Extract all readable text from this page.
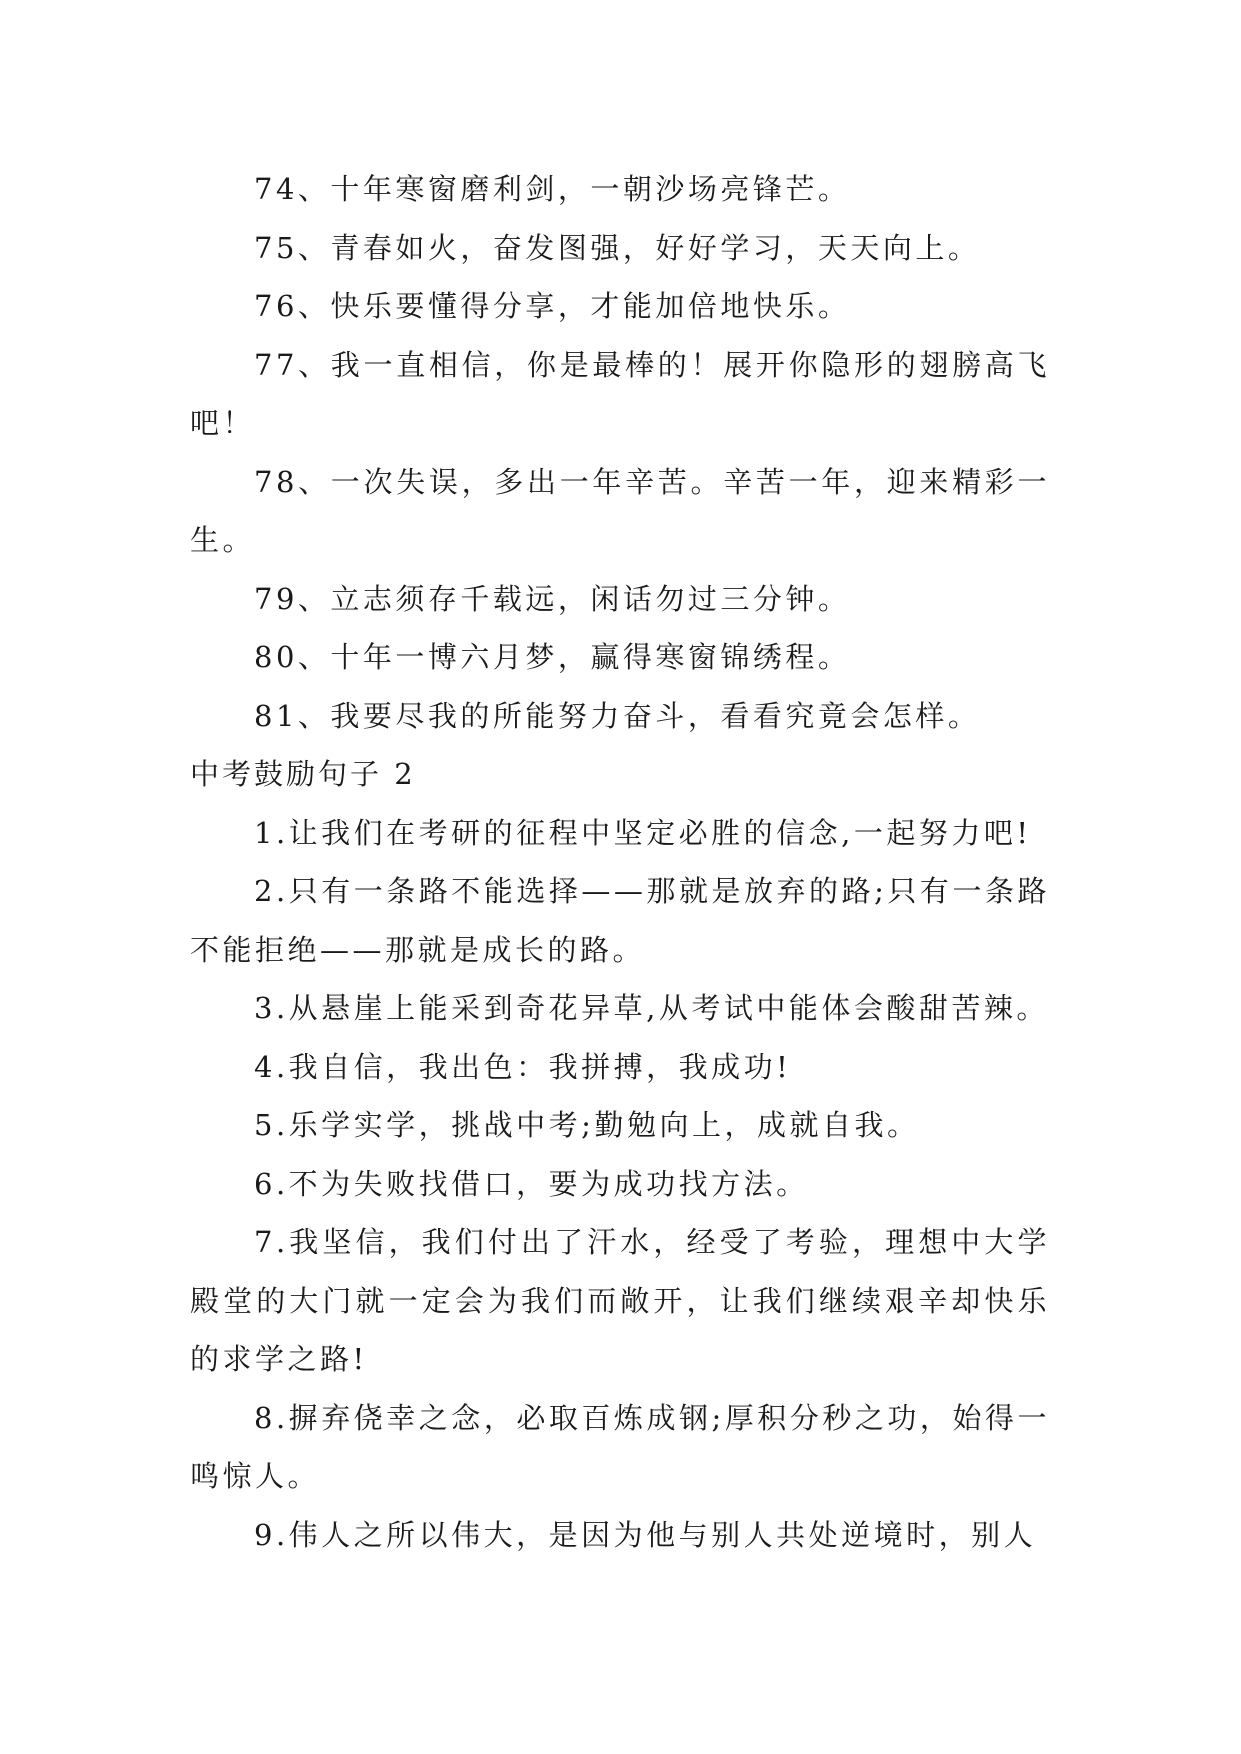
74、十年寒窗磨利剑，一朝沙场亮锋芒。

75、青春如火，奋发图强，好好学习，天天向上。

76、快乐要懂得分享，才能加倍地快乐。

77、我一直相信，你是最棒的！展开你隐形的翅膀高飞吧！

78、一次失误，多出一年辛苦。辛苦一年，迎来精彩一生。

79、立志须存千载远，闲话勿过三分钟。

80、十年一博六月梦，赢得寒窗锦绣程。

81、我要尽我的所能努力奋斗，看看究竟会怎样。

中考鼓励句子 2

1.让我们在考研的征程中坚定必胜的信念,一起努力吧!

2.只有一条路不能选择——那就是放弃的路;只有一条路不能拒绝——那就是成长的路。

3.从悬崖上能采到奇花异草,从考试中能体会酸甜苦辣。

4.我自信，我出色：我拼搏，我成功!

5.乐学实学，挑战中考;勤勉向上，成就自我。

6.不为失败找借口，要为成功找方法。

7.我坚信，我们付出了汗水，经受了考验，理想中大学殿堂的大门就一定会为我们而敞开，让我们继续艰辛却快乐的求学之路!

8.摒弃侥幸之念，必取百炼成钢;厚积分秒之功，始得一鸣惊人。

9.伟人之所以伟大，是因为他与别人共处逆境时，别人
